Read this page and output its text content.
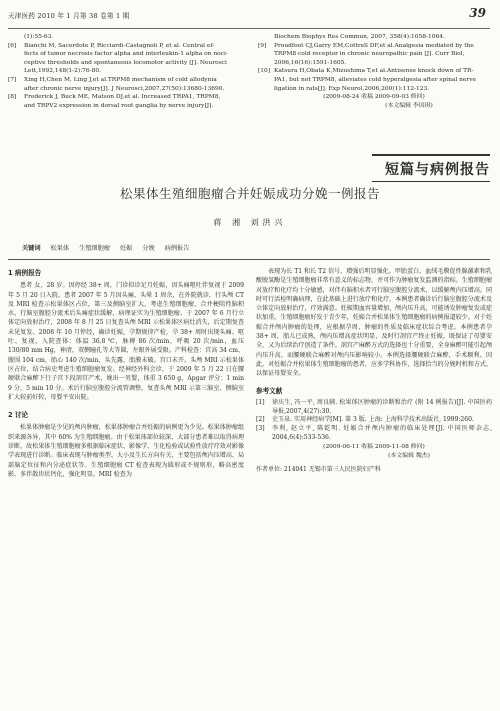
天津医药 2010 年 1 月第 38 卷第 1 期	39
(1):55-63.
[6]	Bianchi M, Sacerdote P, Ricciardi-Castagnoli P, et al. Central ef-
fects of tumor necrosis factor alpha and interleukin-1 alpha on noci-
ceptive thresholds and spontaneous locomotor activity [J]. Neurosci
Lett,1992,148(1-2):76-80.
[7]	Xing H,Chen M, Ling J,et al.TRPM8 mechanism of cold allodynia
after chronic nerve injury[J]. J Neurosci,2007,27(50):13680-13690.
[8]	Frederick J, Buck ME, Matson DJ,et al. Increased TRPA1, TRPM8,
and TRPV2 expression in dorsal root ganglia by nerve injury[J].
Biochem Biophys Res Commun, 2007, 358(4):1058-1064.
[9]	Proudfoot CJ,Garry EM,Cottrell DF,et al.Analgesia mediated by the
TRPM8 cold receptor in chronic neuropathic pain [J]. Curr Biol,
2006,16(16):1591-1605.
[10] Katsura H,Obata K,Mizushima T,et al.Antisense knock down of TR-
PA1, but not TRPM8, alleviates cold hyperalgesia after spinal nerve
ligation in rats[J]. Exp Neurol,2006,200(1):112-123.
(2009-08-24 收稿 2009-09-03 修回)
(本文编辑 李国琪)
短篇与病例报告
松果体生殖细胞瘤合并妊娠成功分娩一例报告
蒋 湘 刘洪兴
关键词 松果体 生殖细胞瘤 妊娠 分娩 病例报告
1 病例报告

患者 女，28 岁。因停经 38+ 周，门诊拟诊足月妊娠，因头痛呕吐伴复视于 2009 年 5 月 20 日入院。患者 2007 年 5 月因头痛、头晕 1 周余，在外院就诊，行头颅 CT 及 MRI 检查示松果体区占位，第三及侧脑室扩大，考虑生殖细胞瘤，合并梗阻性脑积水，行脑室腹腔分流术后头痛症状缓解，病理证实为生殖细胞瘤。于 2007 年 6 月行立体定向放射治疗，2008 年 8 月 25 日复查头颅 MRI 示松果体区病灶消失，后定期复查未见复发。2008 年 10 月停经，确诊妊娠，孕期规律产检，孕 38+ 周时出现头痛、呕吐、复视，入院查体：体温 36.8 ℃，脉搏 86 次/min，呼吸 20 次/min，血压 130/80 mm Hg，神清，双侧瞳孔等大等圆，左眼外展受限。产科检查：宫高 34 cm，腹围 104 cm，胎心 140 次/min，头先露，胎膜未破。宫口未开。头颅 MRI 示松果体区占位，结合病史考虑生殖细胞瘤复发。经神经外科会诊，于 2009 年 5 月 22 日在腰硬联合麻醉下行子宫下段剖宫产术，娩出一男婴，体重 3 650 g，Apgar 评分：1 min 9 分，5 min 10 分。术后行脑室腹腔分流管调整，复查头颅 MRI 示第三脑室、侧脑室扩大较前好转，母婴平安出院。

2 讨论

松果体肿瘤是少见的颅内肿瘤，松果体肿瘤合并妊娠的病例更为少见。松果体肿瘤组织来源各异，其中 60% 为生殖细胞瘤。由于松果体部位较深，大部分患者难以取得病理诊断，故松果体生殖细胞瘤多根据临床症状、影像学、生化检验或试验性放疗疗效对影像学表现进行诊断。临床表现与肿瘤类型、大小及生长方向有关，主要包括颅内压增高、局部脑定位征和内分泌症状等。生殖细胞瘤 CT 检查表现为圆形或不规则形，略高密度影，多伴散块状钙化，强化明显。MRI 检查为

表现为长 T1 和长 T2 信号，增强后明显强化。甲胎蛋白、血绒毛膜促性腺激素和乳酸脱氢酶是生殖细胞瘤非常有意义的标志物，并可作为肿瘤复发监测的指标。生殖细胞瘤对放疗和化疗均十分敏感，对伴有脑积水者可行脑室腹腔分流术，以缓解颅内压增高，同时可行活检明确病理，在此基础上进行放疗和化疗。本例患者确诊后行脑室腹腔分流术及立体定向放射治疗，疗效满意。妊娠期血容量增加，颅内压升高，可能诱发肿瘤复发或症状加重。生殖细胞瘤好发于青少年，妊娠合并松果体生殖细胞瘤的病例报道较少。对于妊娠合并颅内肿瘤的处理，应根据孕周、肿瘤的性质及临床症状综合考虑。本例患者孕 38+ 周，胎儿已成熟，颅内压增高症状明显，及时行剖宫产终止妊娠，既保证了母婴安全，又为后续治疗创造了条件。剖宫产麻醉方式的选择也十分重要，全身麻醉可能引起颅内压升高，而腰硬联合麻醉对颅内压影响较小。本例选择腰硬联合麻醉，手术顺利。因此，对妊娠合并松果体生殖细胞瘤的患者，应多学科协作，选择恰当的分娩时机和方式，以保证母婴安全。

参考文献
[1]	徐庆生, 冯一平, 周良辅. 松果体区肿瘤的诊断和治疗 (附 14 例报告)[J]. 中国医药导报,2007,4(27):30.
[2]	史玉泉. 实用神经病学[M]. 第 3 版. 上海: 上海科学技术出版社, 1999:260.
[3]	李利, 赵立平, 陈乾明. 妊娠合并颅内肿瘤的临床处理[J]. 中国医师杂志, 2004,6(4):533-536.
(2009-06-11 收稿 2009-11-08 修回)
(本文编辑 魏杰)
作者单位: 214041 无锡市第三人民医院妇产科
